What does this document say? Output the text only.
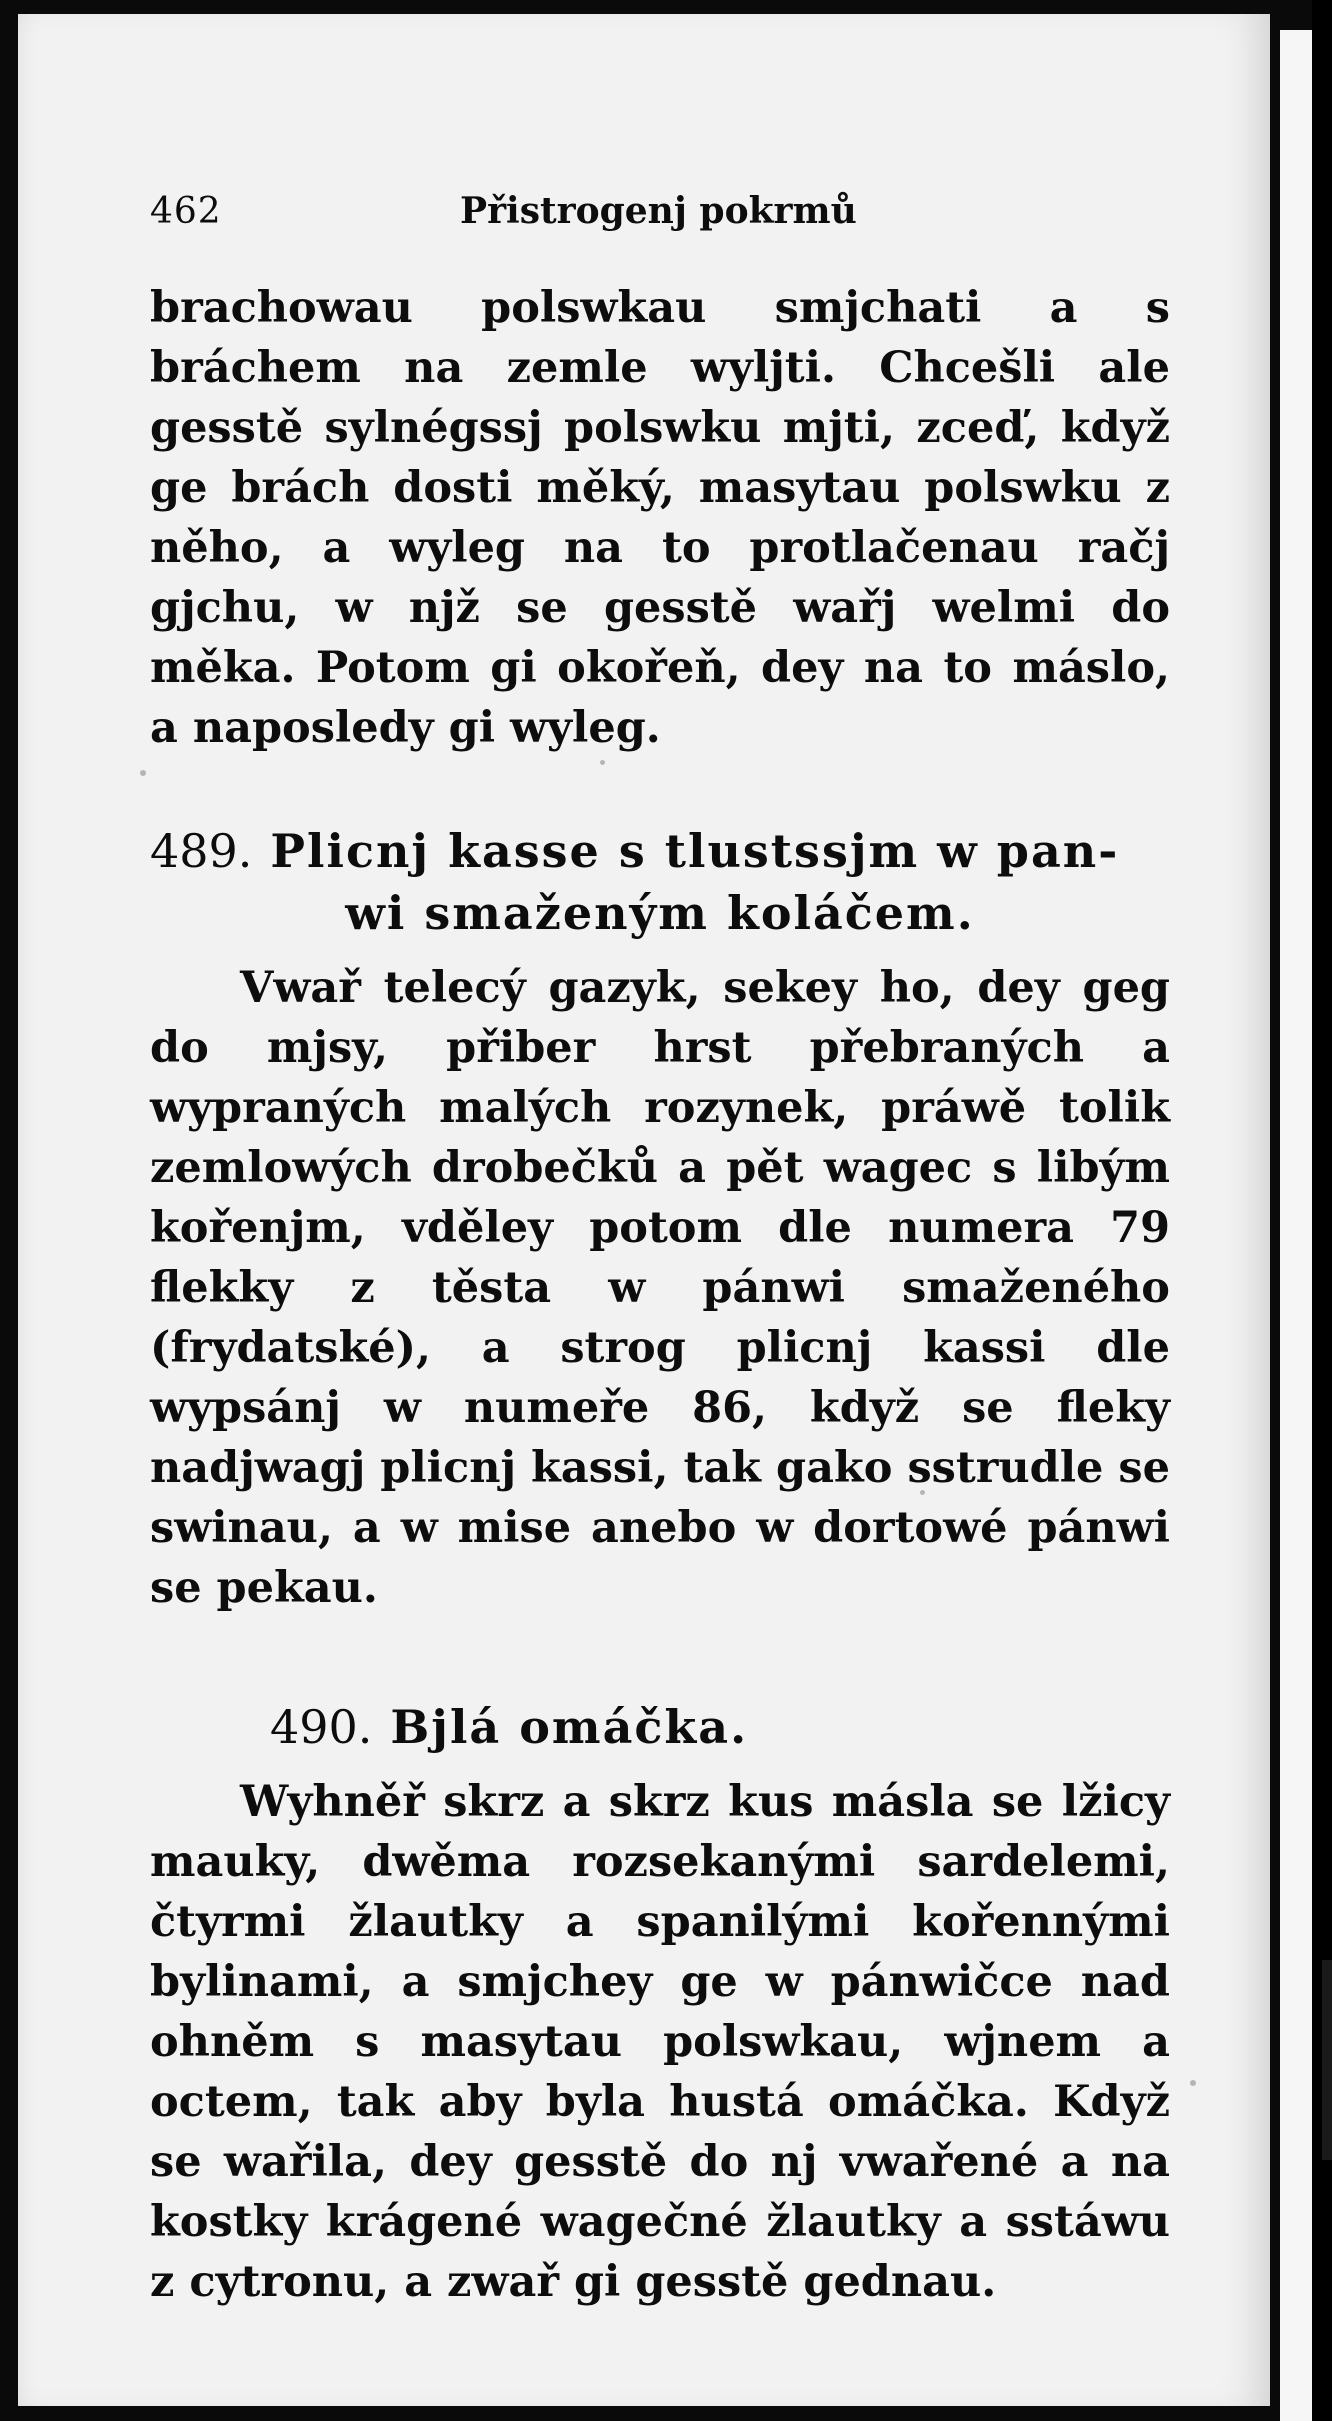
462	Přistrogenj pokrmů

brachowau polswkau smjchati a s bráchem na zemle wyljti. Chcešli ale gesstě sylnégssj polswku mjti, zceď, když ge brách dosti měký, masytau polswku z něho, a wyleg na to protlačenau račj gjchu, w njž se gesstě wařj welmi do měka. Potom gi okořeň, dey na to máslo, a naposledy gi wyleg.

489. Plicnj kasse s tlustssjm w pan-
wi smaženým koláčem.

Vwař telecý gazyk, sekey ho, dey geg do mjsy, přiber hrst přebraných a wypraných malých rozynek, práwě tolik zemlowých drobečků a pět wagec s libým kořenjm, vděley potom dle numera 79 flekky z těsta w pánwi smaženého (frydatské), a strog plicnj kassi dle wypsánj w numeře 86, když se fleky nadjwagj plicnj kassi, tak gako sstrudle se swinau, a w mise anebo w dortowé pánwi se pekau.

490. Bjlá omáčka.

Wyhněř skrz a skrz kus másla se lžicy mauky, dwěma rozsekanými sardelemi, čtyrmi žlautky a spanilými kořennými bylinami, a smjchey ge w pánwičce nad ohněm s masytau polswkau, wjnem a octem, tak aby byla hustá omáčka. Když se wařila, dey gesstě do nj vwařené a na kostky krágené wagečné žlautky a sstáwu z cytronu, a zwař gi gesstě gednau.
